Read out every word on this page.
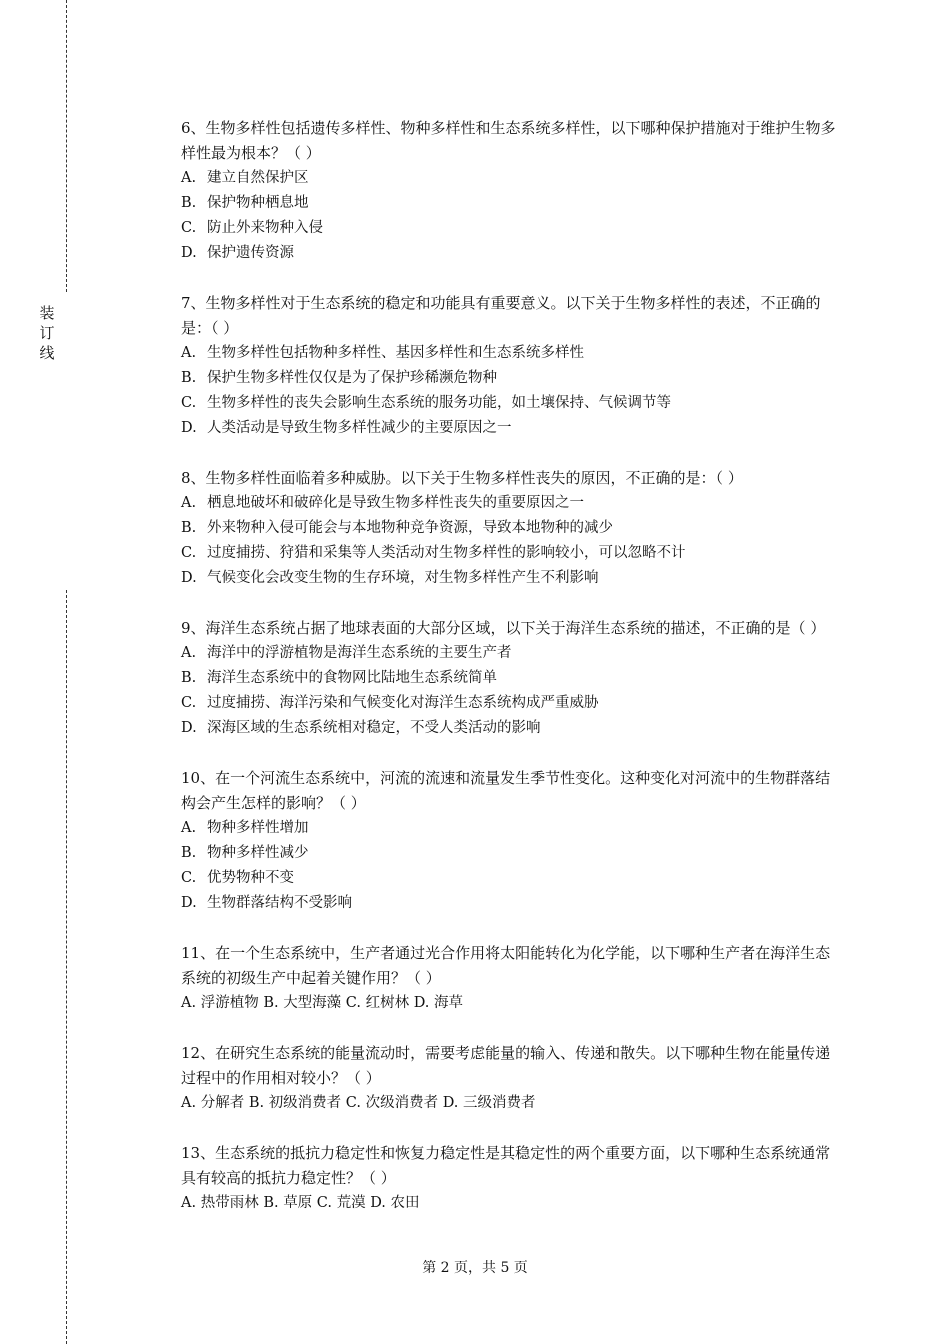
装
订
线

6、生物多样性包括遗传多样性、物种多样性和生态系统多样性，以下哪种保护措施对于维护生物多样性最为根本？（ ）

A. 建立自然保护区

B. 保护物种栖息地

C. 防止外来物种入侵

D. 保护遗传资源

7、生物多样性对于生态系统的稳定和功能具有重要意义。以下关于生物多样性的表述，不正确的是：（ ）

A. 生物多样性包括物种多样性、基因多样性和生态系统多样性

B. 保护生物多样性仅仅是为了保护珍稀濒危物种

C. 生物多样性的丧失会影响生态系统的服务功能，如土壤保持、气候调节等

D. 人类活动是导致生物多样性减少的主要原因之一

8、生物多样性面临着多种威胁。以下关于生物多样性丧失的原因，不正确的是：（ ）

A. 栖息地破坏和破碎化是导致生物多样性丧失的重要原因之一

B. 外来物种入侵可能会与本地物种竞争资源，导致本地物种的减少

C. 过度捕捞、狩猎和采集等人类活动对生物多样性的影响较小，可以忽略不计

D. 气候变化会改变生物的生存环境，对生物多样性产生不利影响

9、海洋生态系统占据了地球表面的大部分区域，以下关于海洋生态系统的描述，不正确的是（ ）

A. 海洋中的浮游植物是海洋生态系统的主要生产者

B. 海洋生态系统中的食物网比陆地生态系统简单

C. 过度捕捞、海洋污染和气候变化对海洋生态系统构成严重威胁

D. 深海区域的生态系统相对稳定，不受人类活动的影响

10、在一个河流生态系统中，河流的流速和流量发生季节性变化。这种变化对河流中的生物群落结构会产生怎样的影响？（ ）

A. 物种多样性增加

B. 物种多样性减少

C. 优势物种不变

D. 生物群落结构不受影响

11、在一个生态系统中，生产者通过光合作用将太阳能转化为化学能，以下哪种生产者在海洋生态系统的初级生产中起着关键作用？（ ）

A. 浮游植物 B. 大型海藻 C. 红树林 D. 海草

12、在研究生态系统的能量流动时，需要考虑能量的输入、传递和散失。以下哪种生物在能量传递过程中的作用相对较小？（ ）

A. 分解者 B. 初级消费者 C. 次级消费者 D. 三级消费者

13、生态系统的抵抗力稳定性和恢复力稳定性是其稳定性的两个重要方面，以下哪种生态系统通常具有较高的抵抗力稳定性？（ ）

A. 热带雨林 B. 草原 C. 荒漠 D. 农田

第 2 页，共 5 页
